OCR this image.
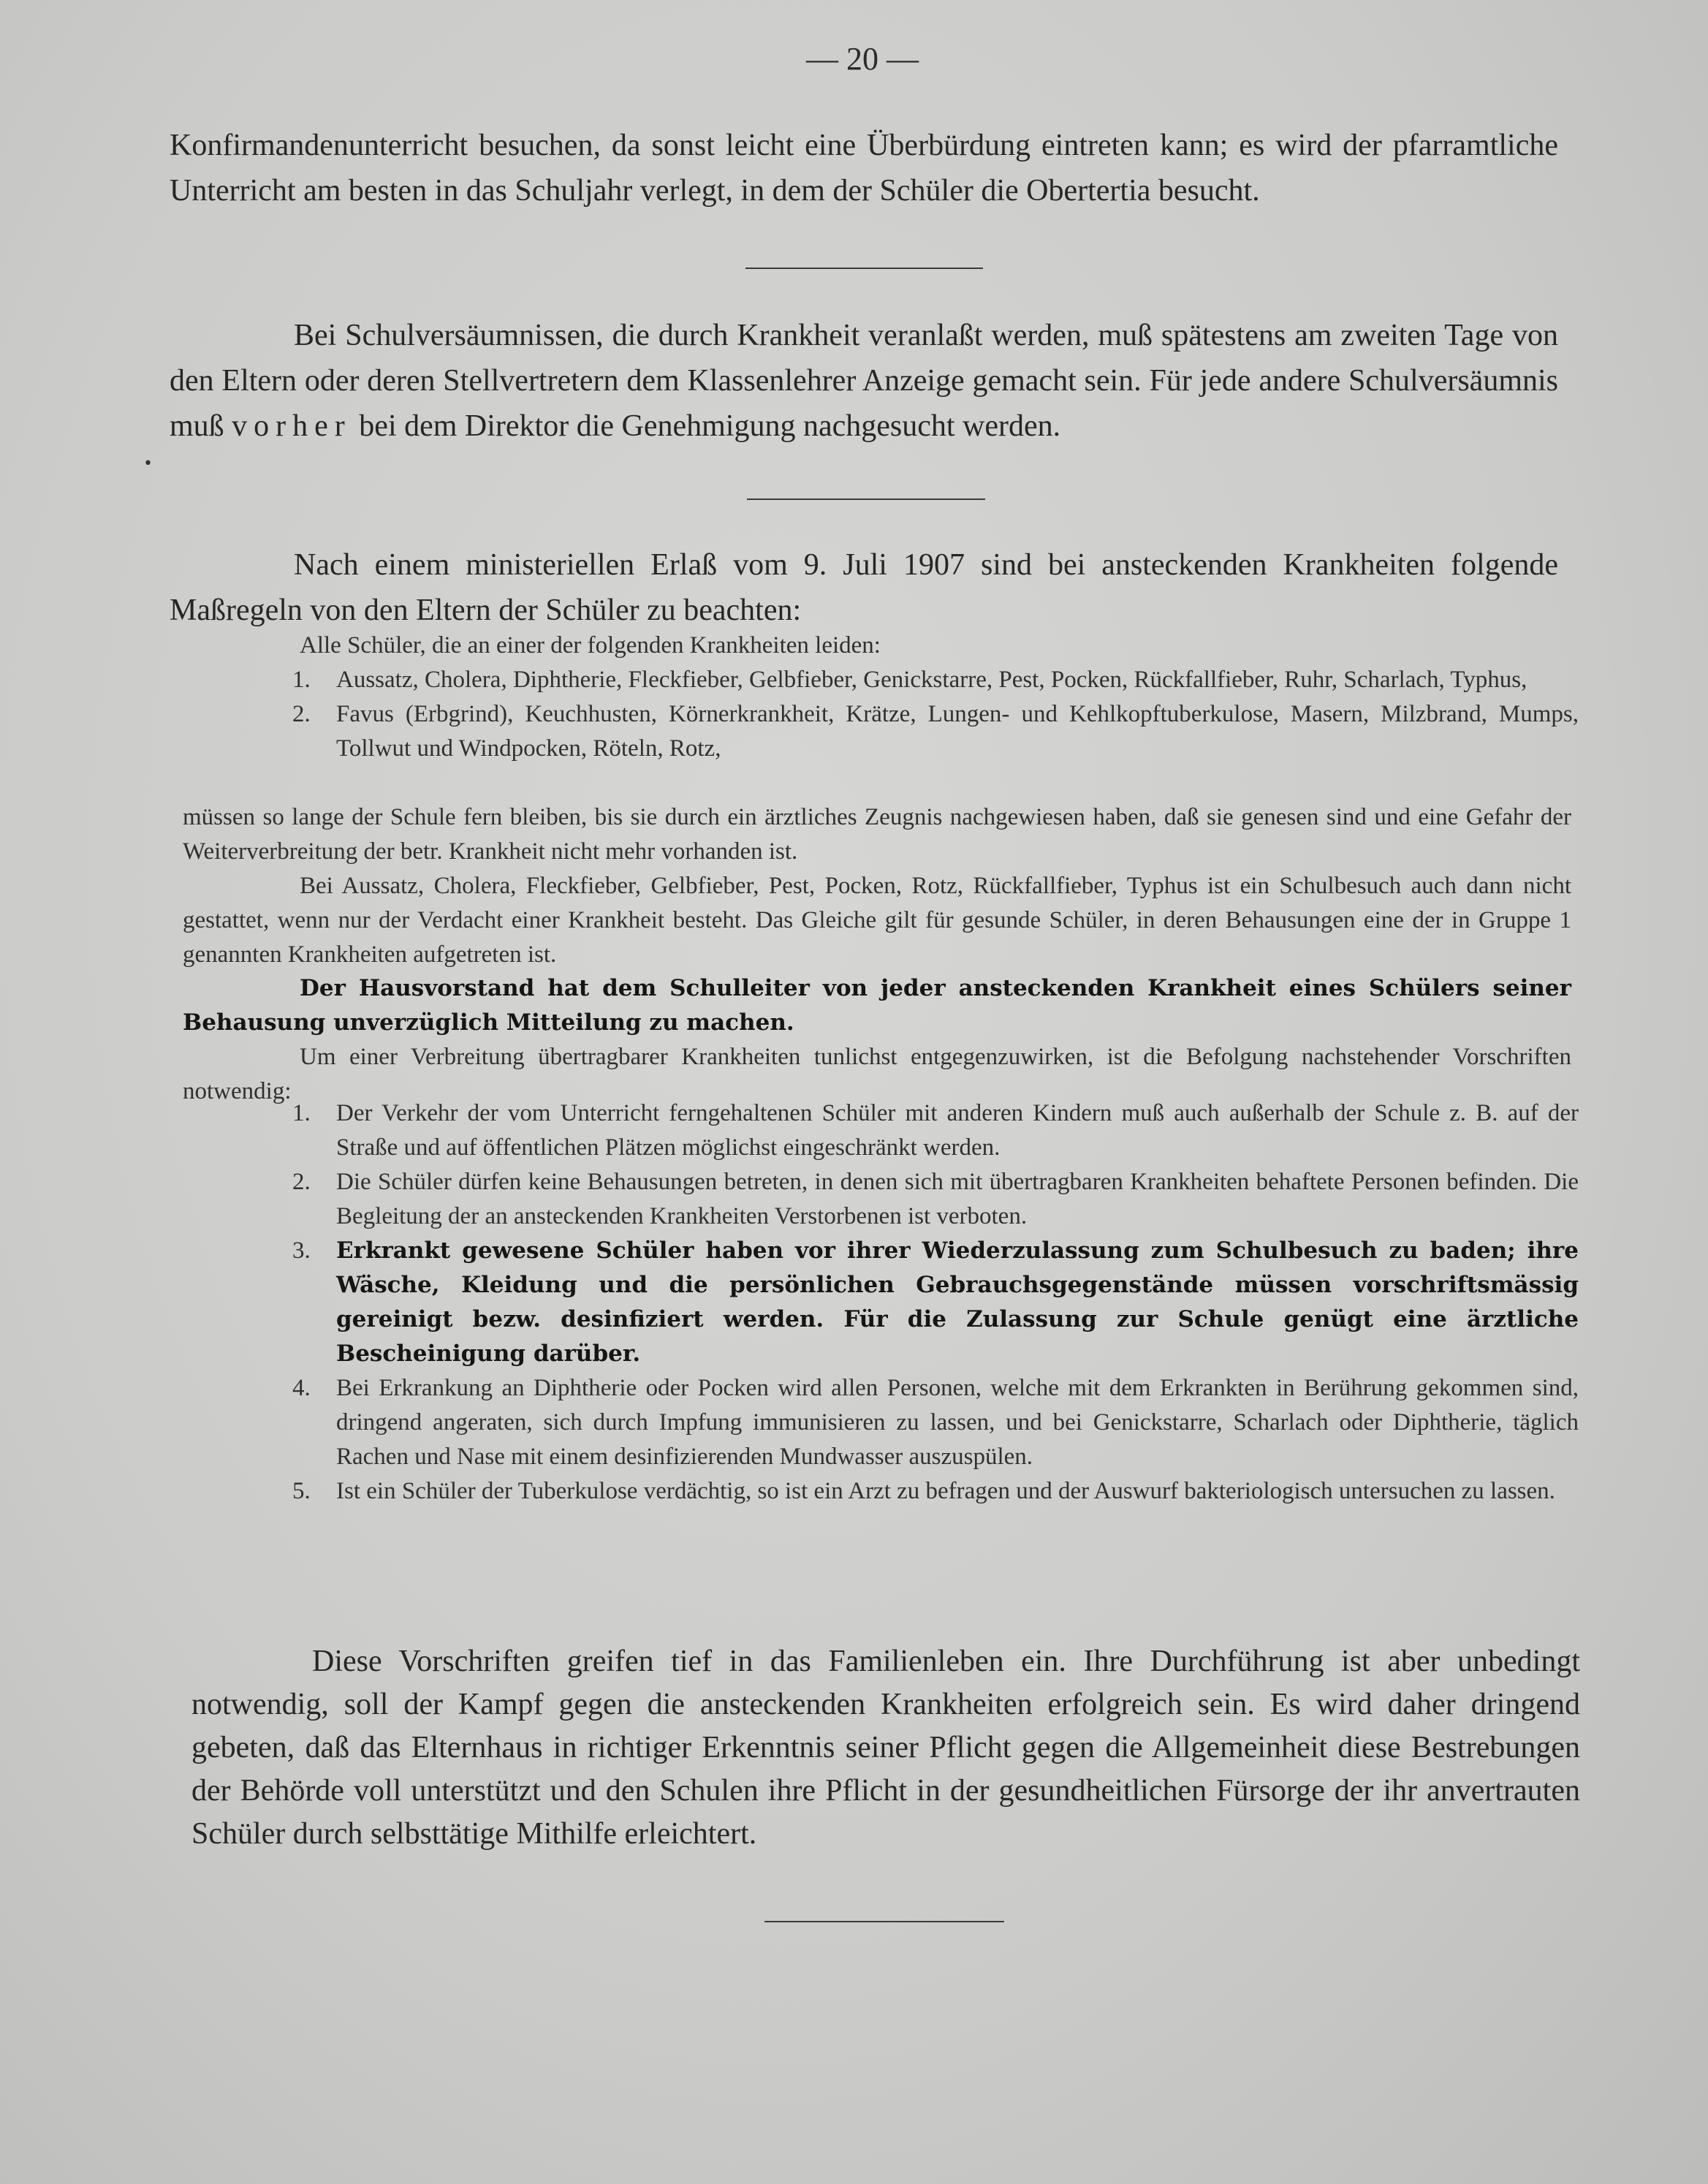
— 20 —

Konfirmandenunterricht besuchen, da sonst leicht eine Überbürdung eintreten kann; es wird der pfarramtliche Unterricht am besten in das Schuljahr verlegt, in dem der Schüler die Obertertia besucht.

Bei Schulversäumnissen, die durch Krankheit veranlaßt werden, muß spätestens am zweiten Tage von den Eltern oder deren Stellvertretern dem Klassenlehrer Anzeige gemacht sein. Für jede andere Schulversäumnis muß vorher bei dem Direktor die Genehmigung nachgesucht werden.

•

Nach einem ministeriellen Erlaß vom 9. Juli 1907 sind bei ansteckenden Krankheiten folgende Maßregeln von den Eltern der Schüler zu beachten:

Alle Schüler, die an einer der folgenden Krankheiten leiden:

1. Aussatz, Cholera, Diphtherie, Fleckfieber, Gelbfieber, Genickstarre, Pest, Pocken, Rückfallfieber, Ruhr, Scharlach, Typhus,
2. Favus (Erbgrind), Keuchhusten, Körnerkrankheit, Krätze, Lungen- und Kehlkopftuberkulose, Masern, Milzbrand, Mumps, Tollwut und Windpocken, Röteln, Rotz,

müssen so lange der Schule fern bleiben, bis sie durch ein ärztliches Zeugnis nachgewiesen haben, daß sie genesen sind und eine Gefahr der Weiterverbreitung der betr. Krankheit nicht mehr vorhanden ist.

Bei Aussatz, Cholera, Fleckfieber, Gelbfieber, Pest, Pocken, Rotz, Rückfallfieber, Typhus ist ein Schulbesuch auch dann nicht gestattet, wenn nur der Verdacht einer Krankheit besteht. Das Gleiche gilt für gesunde Schüler, in deren Behausungen eine der in Gruppe 1 genannten Krankheiten aufgetreten ist.

Der Hausvorstand hat dem Schulleiter von jeder ansteckenden Krankheit eines Schülers seiner Behausung unverzüglich Mitteilung zu machen.

Um einer Verbreitung übertragbarer Krankheiten tunlichst entgegenzuwirken, ist die Befolgung nachstehender Vorschriften notwendig:

1. Der Verkehr der vom Unterricht ferngehaltenen Schüler mit anderen Kindern muß auch außerhalb der Schule z. B. auf der Straße und auf öffentlichen Plätzen möglichst eingeschränkt werden.
2. Die Schüler dürfen keine Behausungen betreten, in denen sich mit übertragbaren Krankheiten behaftete Personen befinden. Die Begleitung der an ansteckenden Krankheiten Verstorbenen ist verboten.
3. Erkrankt gewesene Schüler haben vor ihrer Wiederzulassung zum Schulbesuch zu baden; ihre Wäsche, Kleidung und die persönlichen Gebrauchsgegenstände müssen vorschriftsmässig gereinigt bezw. desinfiziert werden. Für die Zulassung zur Schule genügt eine ärztliche Bescheinigung darüber.
4. Bei Erkrankung an Diphtherie oder Pocken wird allen Personen, welche mit dem Erkrankten in Berührung gekommen sind, dringend angeraten, sich durch Impfung immunisieren zu lassen, und bei Genickstarre, Scharlach oder Diphtherie, täglich Rachen und Nase mit einem desinfizierenden Mundwasser auszuspülen.
5. Ist ein Schüler der Tuberkulose verdächtig, so ist ein Arzt zu befragen und der Auswurf bakteriologisch untersuchen zu lassen.

Diese Vorschriften greifen tief in das Familienleben ein. Ihre Durchführung ist aber unbedingt notwendig, soll der Kampf gegen die ansteckenden Krankheiten erfolgreich sein. Es wird daher dringend gebeten, daß das Elternhaus in richtiger Erkenntnis seiner Pflicht gegen die Allgemeinheit diese Bestrebungen der Behörde voll unterstützt und den Schulen ihre Pflicht in der gesundheitlichen Fürsorge der ihr anvertrauten Schüler durch selbsttätige Mithilfe erleichtert.
